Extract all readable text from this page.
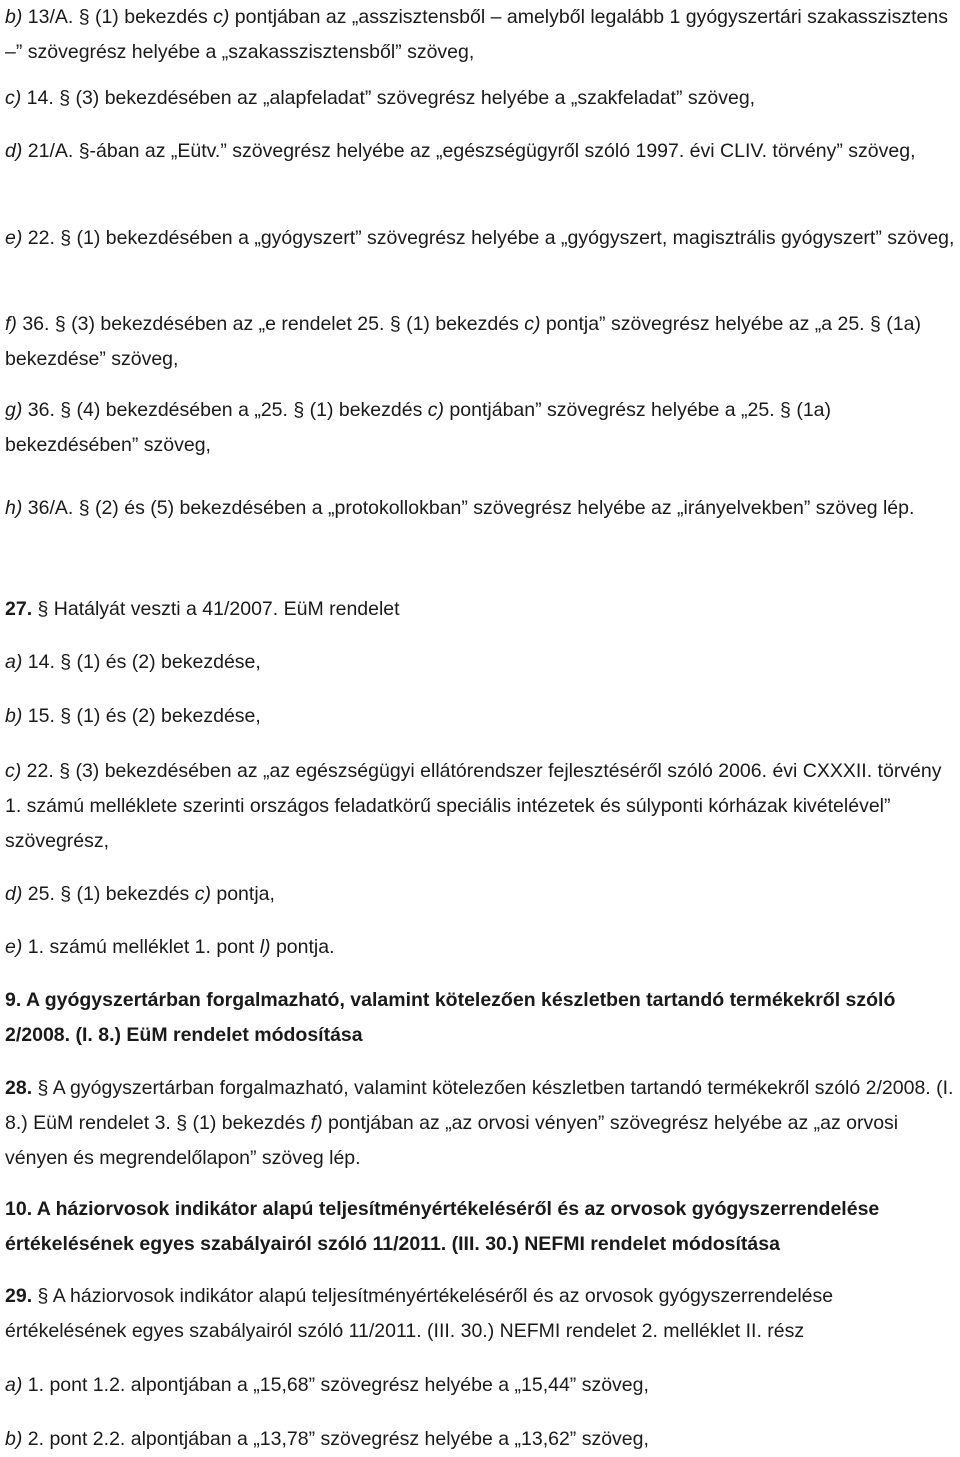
b) 13/A. § (1) bekezdés c) pontjában az „asszisztensből – amelyből legalább 1 gyógyszertári szakasszisztens –” szövegrész helyébe a „szakasszisztensből” szöveg,

c) 14. § (3) bekezdésében az „alapfeladat” szövegrész helyébe a „szakfeladat” szöveg,

d) 21/A. §-ában az „Eütv.” szövegrész helyébe az „egészségügyről szóló 1997. évi CLIV. törvény” szöveg,

e) 22. § (1) bekezdésében a „gyógyszert” szövegrész helyébe a „gyógyszert, magisztrális gyógyszert” szöveg,

f) 36. § (3) bekezdésében az „e rendelet 25. § (1) bekezdés c) pontja” szövegrész helyébe az „a 25. § (1a) bekezdése” szöveg,

g) 36. § (4) bekezdésében a „25. § (1) bekezdés c) pontjában” szövegrész helyébe a „25. § (1a) bekezdésében” szöveg,

h) 36/A. § (2) és (5) bekezdésében a „protokollokban” szövegrész helyébe az „irányelvekben” szöveg lép.

27. § Hatályát veszti a 41/2007. EüM rendelet

a) 14. § (1) és (2) bekezdése,

b) 15. § (1) és (2) bekezdése,

c) 22. § (3) bekezdésében az „az egészségügyi ellátórendszer fejlesztéséről szóló 2006. évi CXXXII. törvény 1. számú melléklete szerinti országos feladatkörű speciális intézetek és súlyponti kórházak kivételével” szövegrész,

d) 25. § (1) bekezdés c) pontja,

e) 1. számú melléklet 1. pont l) pontja.

9. A gyógyszertárban forgalmazható, valamint kötelezően készletben tartandó termékekről szóló 2/2008. (I. 8.) EüM rendelet módosítása

28. § A gyógyszertárban forgalmazható, valamint kötelezően készletben tartandó termékekről szóló 2/2008. (I. 8.) EüM rendelet 3. § (1) bekezdés f) pontjában az „az orvosi vényen” szövegrész helyébe az „az orvosi vényen és megrendelőlapon” szöveg lép.

10. A háziorvosok indikátor alapú teljesítményértékeléséről és az orvosok gyógyszerrendelése értékelésének egyes szabályairól szóló 11/2011. (III. 30.) NEFMI rendelet módosítása

29. § A háziorvosok indikátor alapú teljesítményértékeléséről és az orvosok gyógyszerrendelése értékelésének egyes szabályairól szóló 11/2011. (III. 30.) NEFMI rendelet 2. melléklet II. rész

a) 1. pont 1.2. alpontjában a „15,68” szövegrész helyébe a „15,44” szöveg,

b) 2. pont 2.2. alpontjában a „13,78” szövegrész helyébe a „13,62” szöveg,
